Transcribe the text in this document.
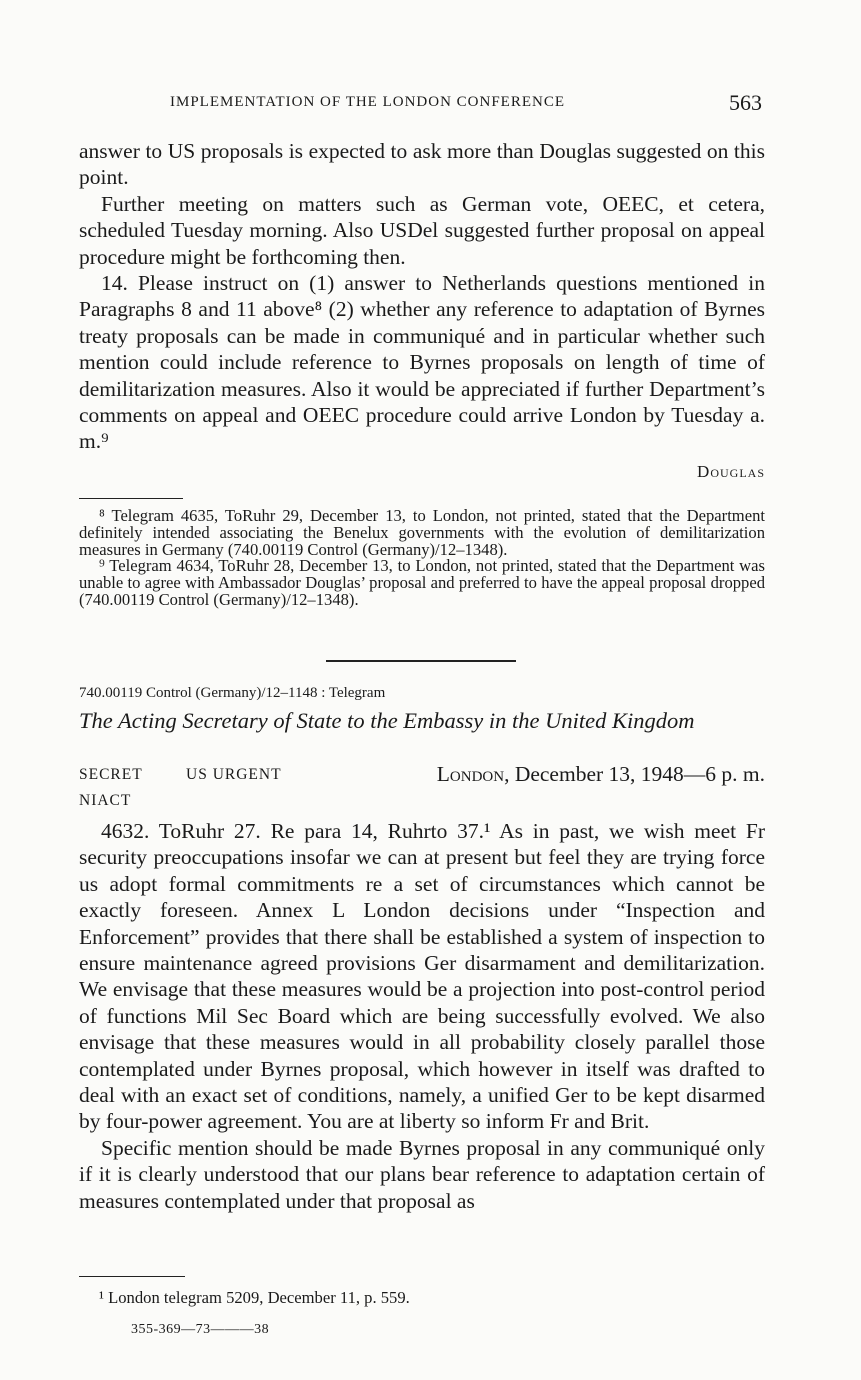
IMPLEMENTATION OF THE LONDON CONFERENCE	563

answer to US proposals is expected to ask more than Douglas suggested on this point.

Further meeting on matters such as German vote, OEEC, et cetera, scheduled Tuesday morning. Also USDel suggested further proposal on appeal procedure might be forthcoming then.

14. Please instruct on (1) answer to Netherlands questions mentioned in Paragraphs 8 and 11 above⁸ (2) whether any reference to adaptation of Byrnes treaty proposals can be made in communiqué and in particular whether such mention could include reference to Byrnes proposals on length of time of demilitarization measures. Also it would be appreciated if further Department’s comments on appeal and OEEC procedure could arrive London by Tuesday a. m.⁹

Douglas

⁸ Telegram 4635, ToRuhr 29, December 13, to London, not printed, stated that the Department definitely intended associating the Benelux governments with the evolution of demilitarization measures in Germany (740.00119 Control (Germany)/12–1348).

⁹ Telegram 4634, ToRuhr 28, December 13, to London, not printed, stated that the Department was unable to agree with Ambassador Douglas’ proposal and preferred to have the appeal proposal dropped (740.00119 Control (Germany)/12–1348).

740.00119 Control (Germany)/12–1148 : Telegram
The Acting Secretary of State to the Embassy in the United Kingdom
SECRET	US URGENT	London, December 13, 1948—6 p. m.
NIACT

4632. ToRuhr 27. Re para 14, Ruhrto 37.¹ As in past, we wish meet Fr security preoccupations insofar we can at present but feel they are trying force us adopt formal commitments re a set of circumstances which cannot be exactly foreseen. Annex L London decisions under “Inspection and Enforcement” provides that there shall be established a system of inspection to ensure maintenance agreed provisions Ger disarmament and demilitarization. We envisage that these measures would be a projection into post-control period of functions Mil Sec Board which are being successfully evolved. We also envisage that these measures would in all probability closely parallel those contemplated under Byrnes proposal, which however in itself was drafted to deal with an exact set of conditions, namely, a unified Ger to be kept disarmed by four-power agreement. You are at liberty so inform Fr and Brit.

Specific mention should be made Byrnes proposal in any communiqué only if it is clearly understood that our plans bear reference to adaptation certain of measures contemplated under that proposal as

¹ London telegram 5209, December 11, p. 559.

355-369—73———38
